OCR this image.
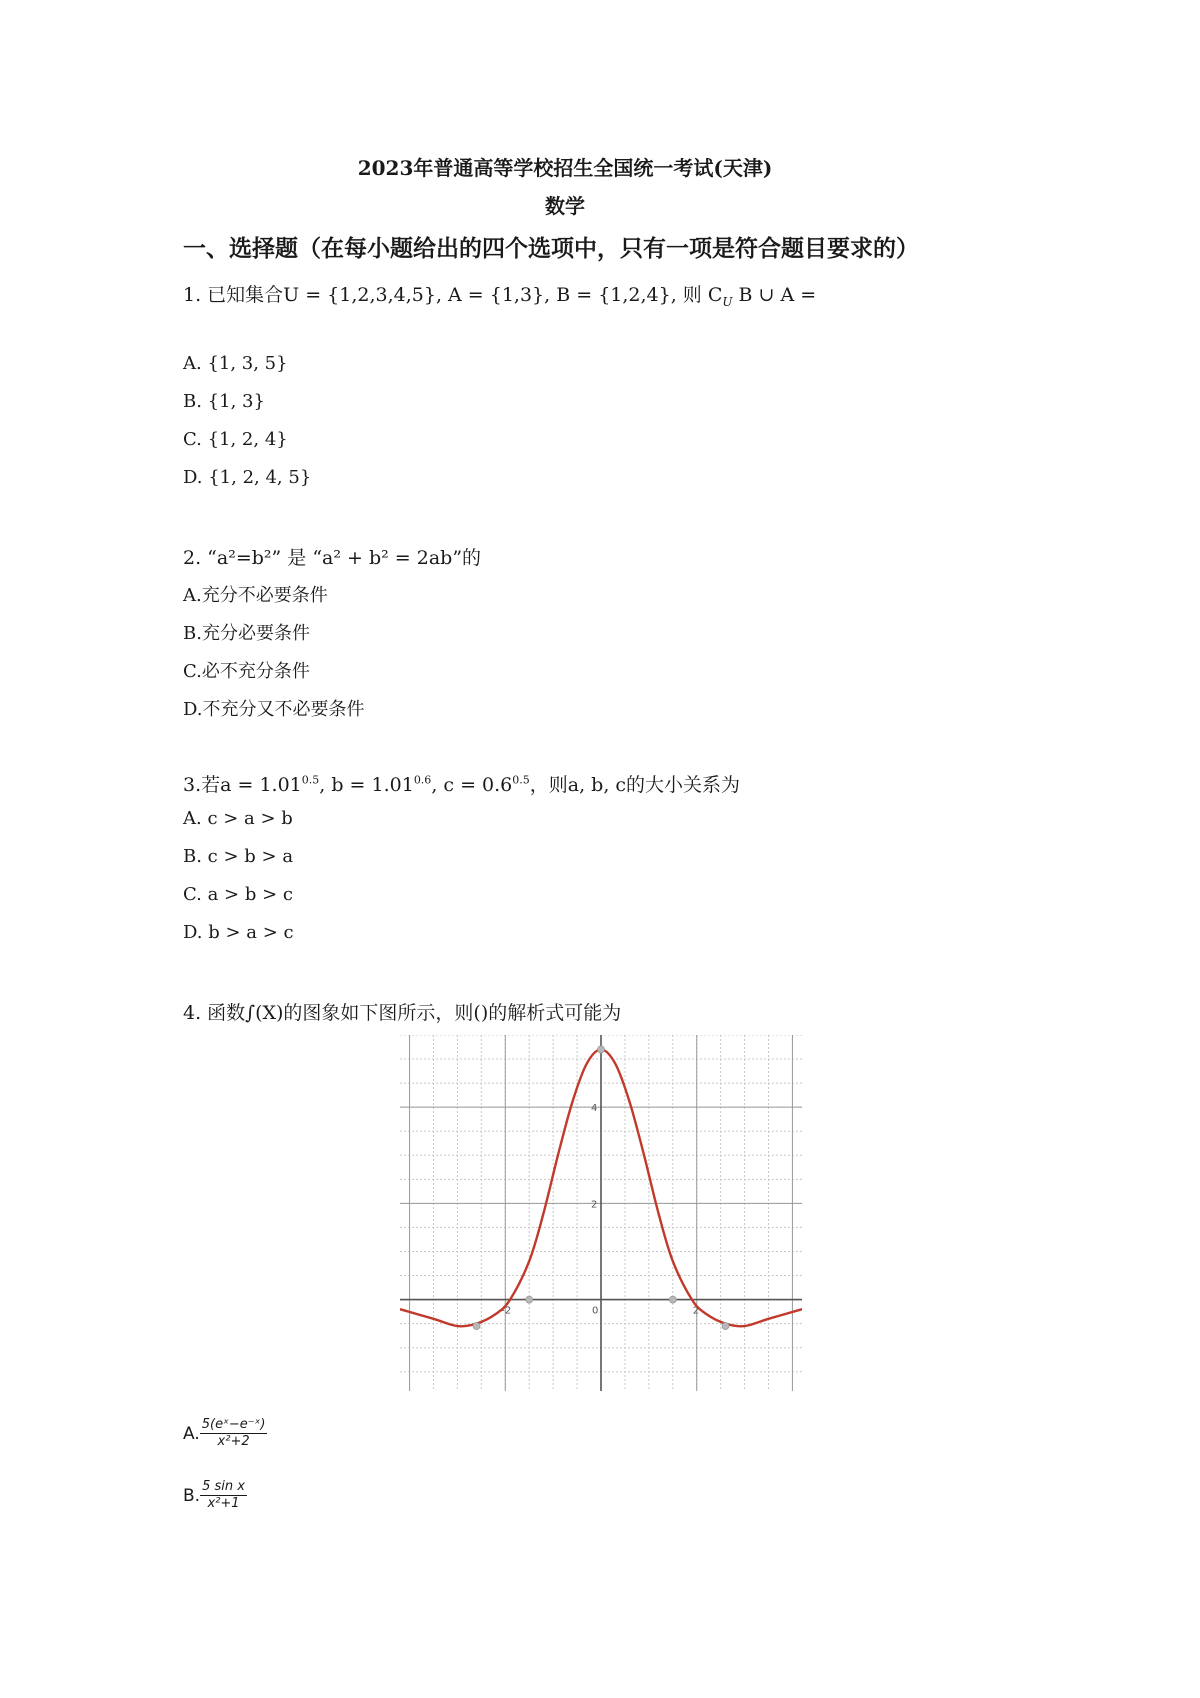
2023年普通高等学校招生全国统一考试(天津)
数学
一、选择题（在每小题给出的四个选项中，只有一项是符合题目要求的）
1. 已知集合U = {1,2,3,4,5}, A = {1,3}, B = {1,2,4}, 则 $C_U$ B ∪ A =
A. {1, 3, 5}
B. {1, 3}
C. {1, 2, 4}
D. {1, 2, 4, 5}
2. “a²=b²” 是 “a² + b² = 2ab”的
A.充分不必要条件
B.充分必要条件
C.必不充分条件
D.不充分又不必要条件
3.若$a = 1.01^{0.5}$, $b = 1.01^{0.6}$, $c = 0.6^{0.5}$，则a, b, c的大小关系为
A. c > a > b
B. c > b > a
C. a > b > c
D. b > a > c
4. 函数∫(X)的图象如下图所示，则()的解析式可能为
-2	0	2
2
4
A. $\frac{\text{5(eˣ−e⁻ˣ)}}{\text{x²+2}}$
B. $\frac{\text{5 sin x}}{\text{x²+1}}$
